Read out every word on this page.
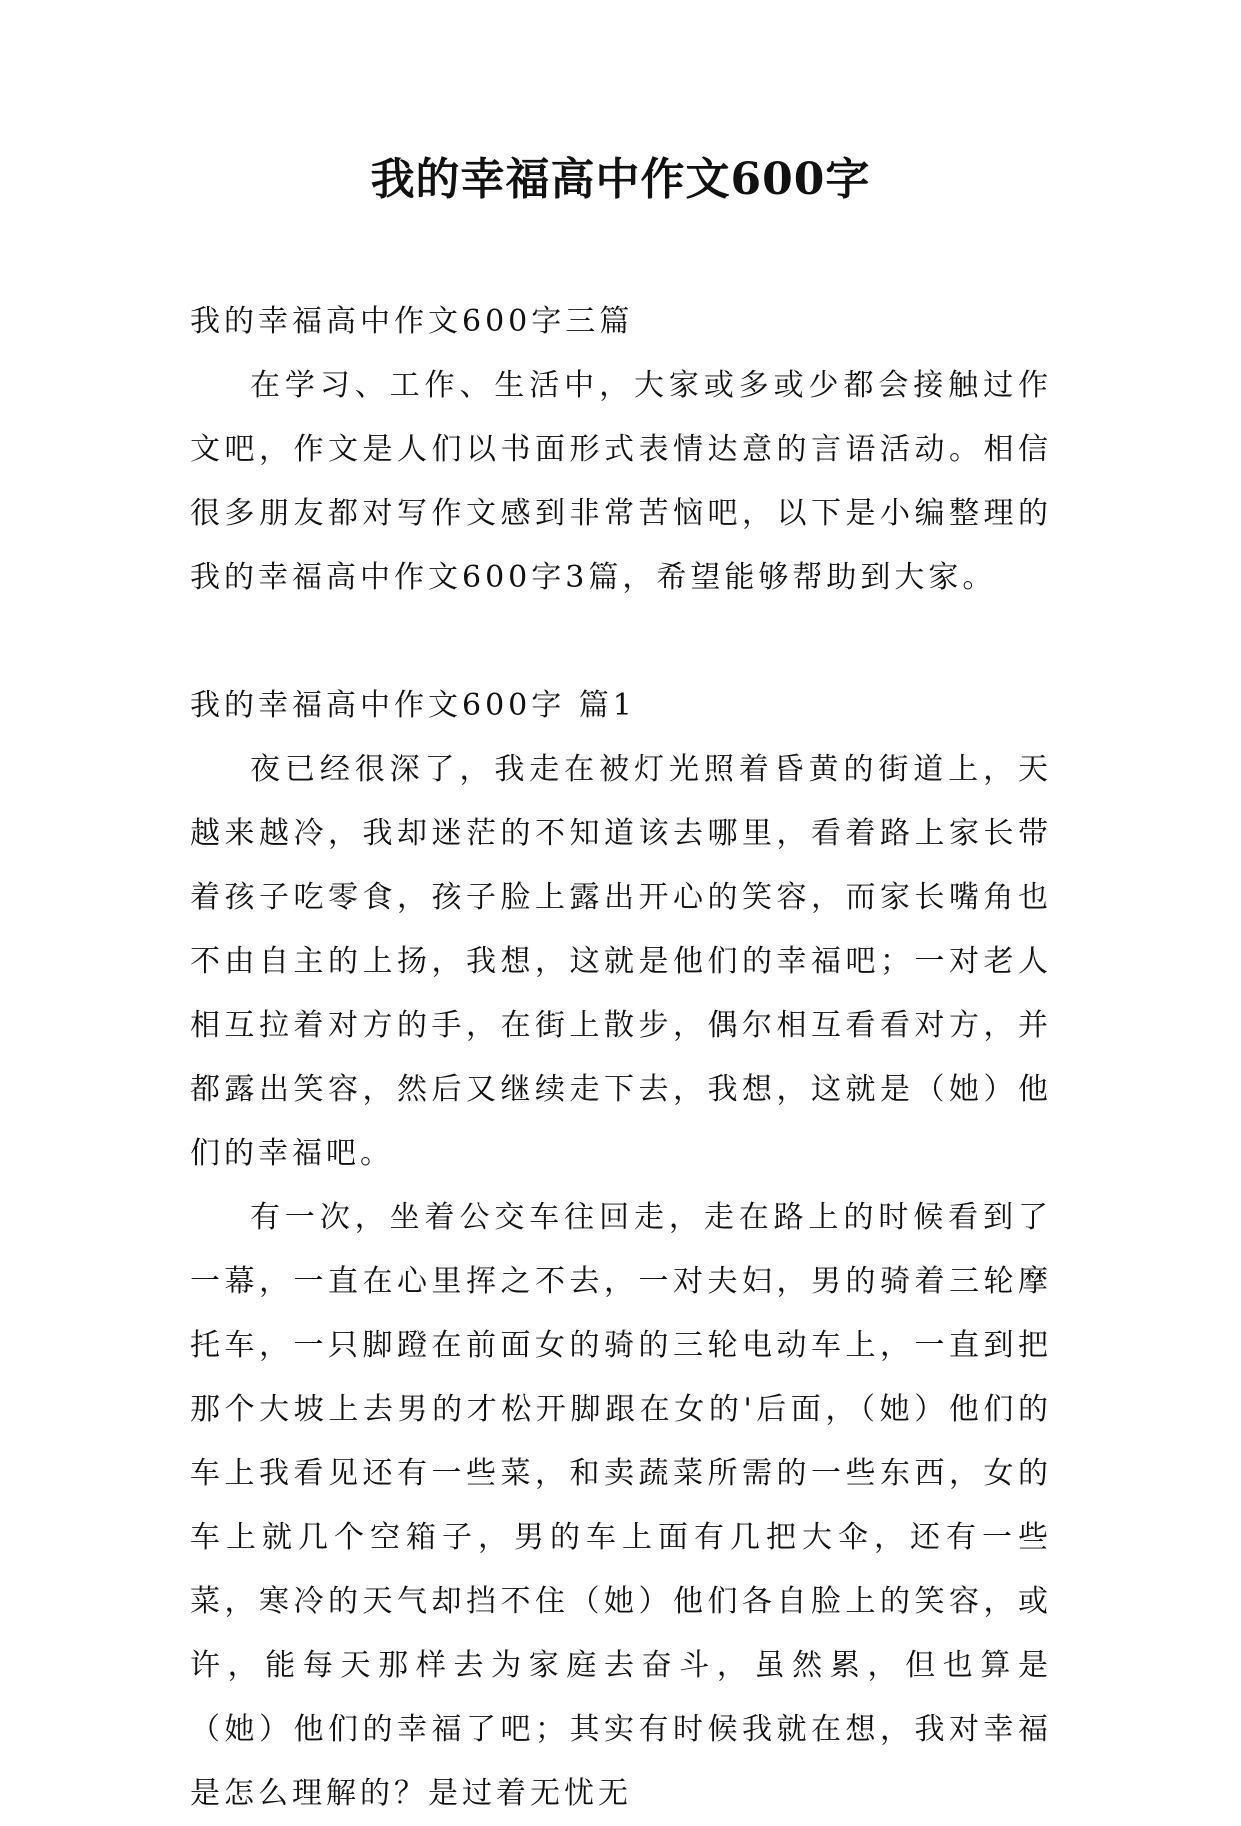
我的幸福高中作文600字

我的幸福高中作文600字三篇

在学习、工作、生活中，大家或多或少都会接触过作文吧，作文是人们以书面形式表情达意的言语活动。相信很多朋友都对写作文感到非常苦恼吧，以下是小编整理的我的幸福高中作文600字3篇，希望能够帮助到大家。

我的幸福高中作文600字 篇1

夜已经很深了，我走在被灯光照着昏黄的街道上，天越来越冷，我却迷茫的不知道该去哪里，看着路上家长带着孩子吃零食，孩子脸上露出开心的笑容，而家长嘴角也不由自主的上扬，我想，这就是他们的幸福吧；一对老人相互拉着对方的手，在街上散步，偶尔相互看看对方，并都露出笑容，然后又继续走下去，我想，这就是（她）他们的幸福吧。

有一次，坐着公交车往回走，走在路上的时候看到了一幕，一直在心里挥之不去，一对夫妇，男的骑着三轮摩托车，一只脚蹬在前面女的骑的三轮电动车上，一直到把那个大坡上去男的才松开脚跟在女的'后面，（她）他们的车上我看见还有一些菜，和卖蔬菜所需的一些东西，女的车上就几个空箱子，男的车上面有几把大伞，还有一些菜，寒冷的天气却挡不住（她）他们各自脸上的笑容，或许，能每天那样去为家庭去奋斗，虽然累，但也算是（她）他们的幸福了吧；其实有时候我就在想，我对幸福是怎么理解的？是过着无忧无
